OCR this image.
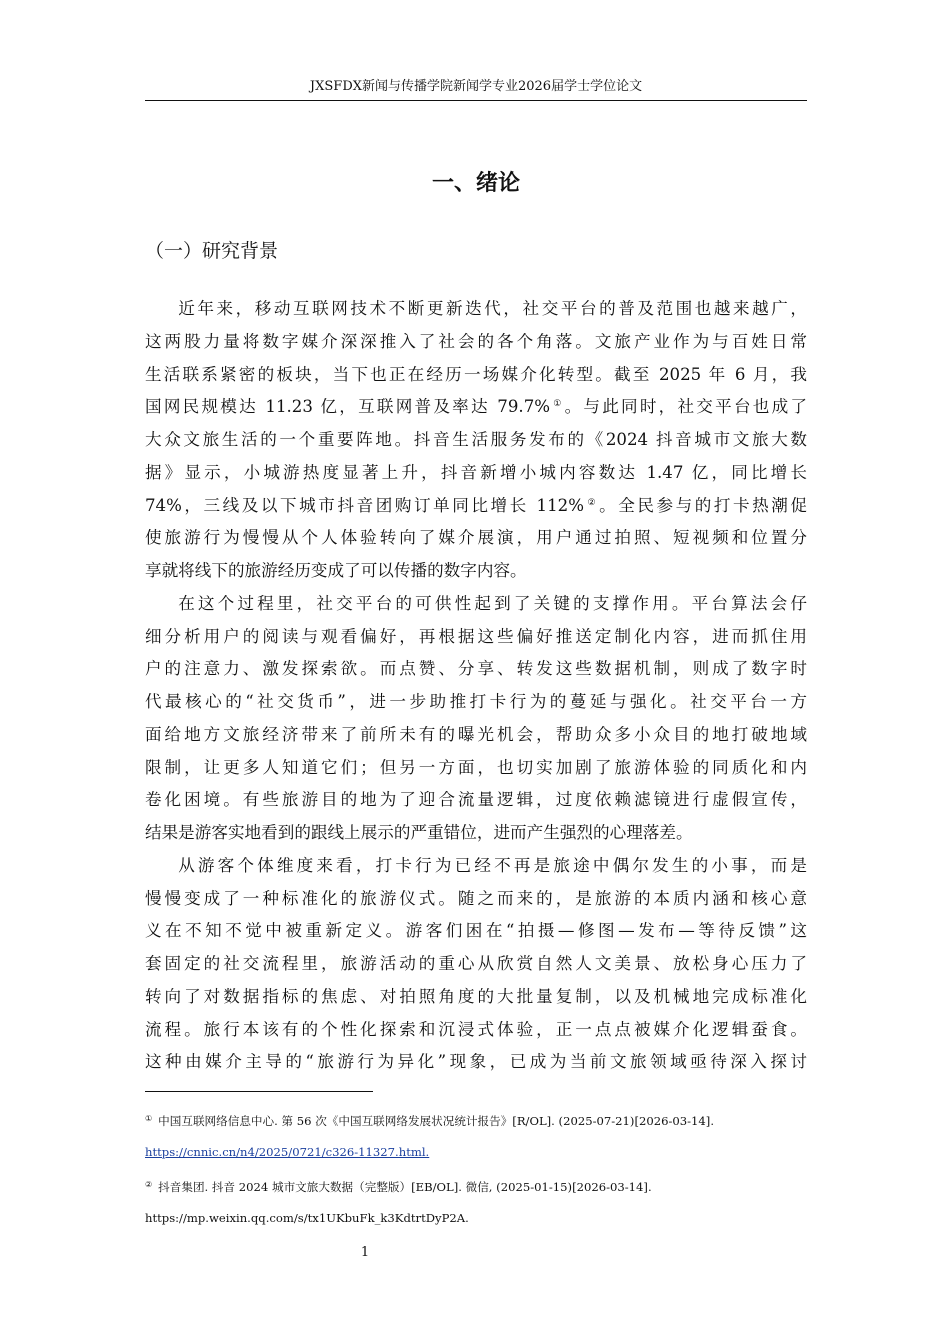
JXSFDX新闻与传播学院新闻学专业2026届学士学位论文
一、绪论
（一）研究背景
近年来，移动互联网技术不断更新迭代，社交平台的普及范围也越来越广，
这两股力量将数字媒介深深推入了社会的各个角落。文旅产业作为与百姓日常
生活联系紧密的板块，当下也正在经历一场媒介化转型。截至 2025 年 6 月，我
国网民规模达 11.23 亿，互联网普及率达 79.7%①。与此同时，社交平台也成了
大众文旅生活的一个重要阵地。抖音生活服务发布的《2024 抖音城市文旅大数
据》显示，小城游热度显著上升，抖音新增小城内容数达 1.47 亿，同比增长
74%，三线及以下城市抖音团购订单同比增长 112%②。全民参与的打卡热潮促
使旅游行为慢慢从个人体验转向了媒介展演，用户通过拍照、短视频和位置分
享就将线下的旅游经历变成了可以传播的数字内容。
在这个过程里，社交平台的可供性起到了关键的支撑作用。平台算法会仔
细分析用户的阅读与观看偏好，再根据这些偏好推送定制化内容，进而抓住用
户的注意力、激发探索欲。而点赞、分享、转发这些数据机制，则成了数字时
代最核心的“社交货币”，进一步助推打卡行为的蔓延与强化。社交平台一方
面给地方文旅经济带来了前所未有的曝光机会，帮助众多小众目的地打破地域
限制，让更多人知道它们；但另一方面，也切实加剧了旅游体验的同质化和内
卷化困境。有些旅游目的地为了迎合流量逻辑，过度依赖滤镜进行虚假宣传，
结果是游客实地看到的跟线上展示的严重错位，进而产生强烈的心理落差。
从游客个体维度来看，打卡行为已经不再是旅途中偶尔发生的小事，而是
慢慢变成了一种标准化的旅游仪式。随之而来的，是旅游的本质内涵和核心意
义在不知不觉中被重新定义。游客们困在“拍摄—修图—发布—等待反馈”这
套固定的社交流程里，旅游活动的重心从欣赏自然人文美景、放松身心压力了
转向了对数据指标的焦虑、对拍照角度的大批量复制，以及机械地完成标准化
流程。旅行本该有的个性化探索和沉浸式体验，正一点点被媒介化逻辑蚕食。
这种由媒介主导的“旅游行为异化”现象，已成为当前文旅领域亟待深入探讨
① 中国互联网络信息中心. 第 56 次《中国互联网络发展状况统计报告》[R/OL]. (2025-07-21)[2026-03-14].
https://cnnic.cn/n4/2025/0721/c326-11327.html.
② 抖音集团. 抖音 2024 城市文旅大数据（完整版）[EB/OL]. 微信, (2025-01-15)[2026-03-14].
https://mp.weixin.qq.com/s/tx1UKbuFk_k3KdtrtDyP2A.
1
